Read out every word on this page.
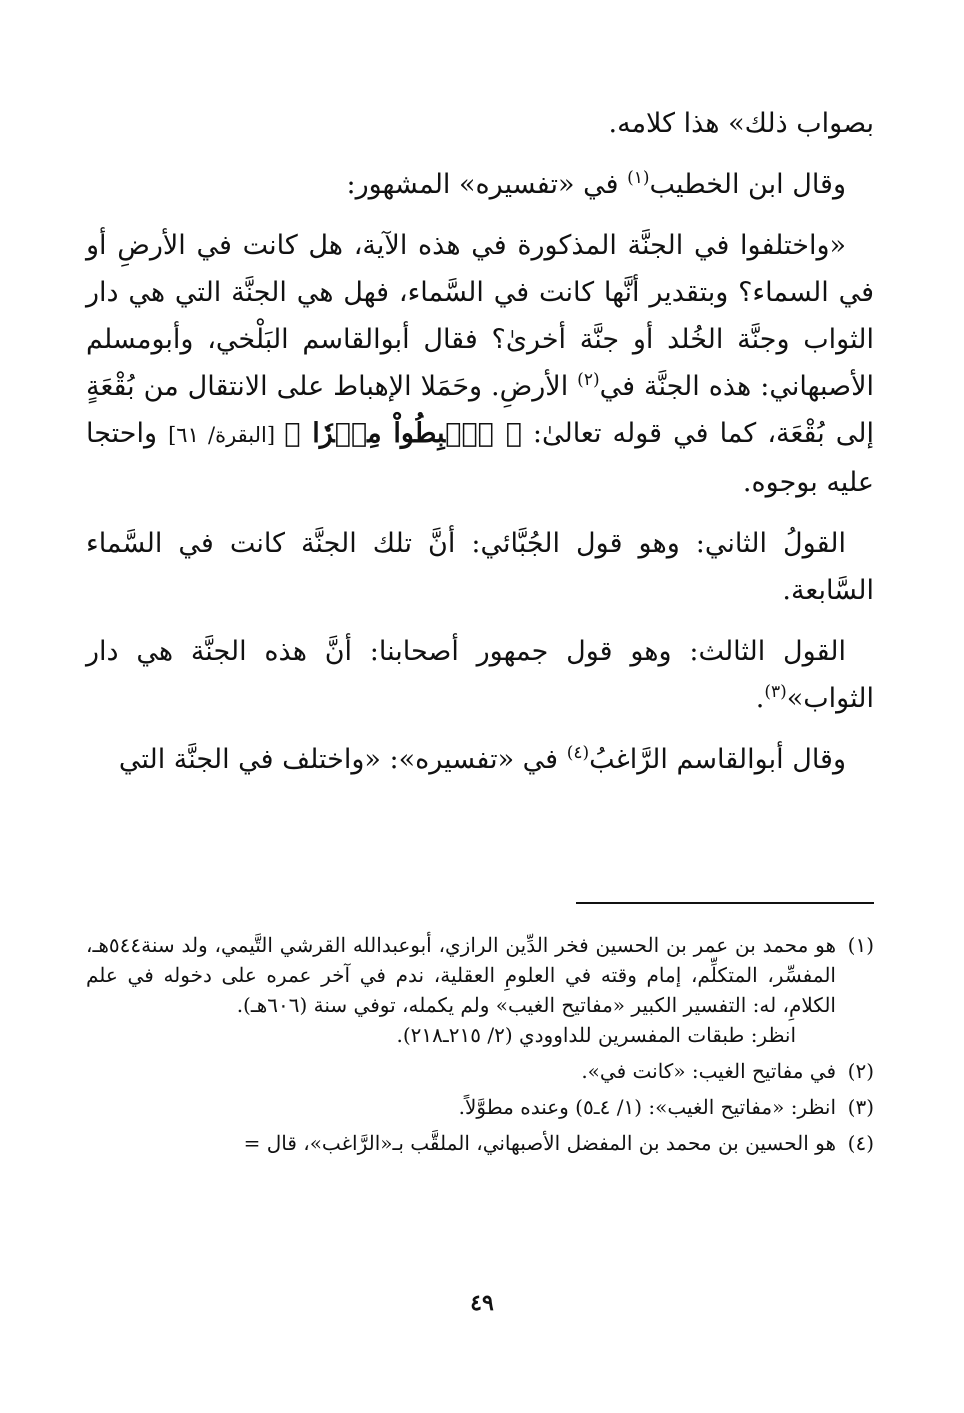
بصواب ذلك» هذا كلامه.

وقال ابن الخطيب$^{(١)}$ في «تفسيره» المشهور:

«واختلفوا في الجنَّة المذكورة في هذه الآية، هل كانت في الأرضِ أو في السماء؟ وبتقدير أنَّها كانت في السَّماء، فهل هي الجنَّة التي هي دار الثواب وجنَّة الخُلد أو جنَّة أخرىٰ؟ فقال أبوالقاسم البَلْخي، وأبومسلم الأصبهاني: هذه الجنَّة في$^{(٢)}$ الأرضِ. وحَمَلا الإهباط على الانتقال من بُقْعَةٍ إلى بُقْعَة، كما في قوله تعالىٰ: ﴿ ٱهۡبِطُواْ مِصۡرٗا ﴾ [البقرة/ ٦١] واحتجا عليه بوجوه.

القولُ الثاني: وهو قول الجُبَّائي: أنَّ تلك الجنَّة كانت في السَّماء السَّابعة.

القول الثالث: وهو قول جمهور أصحابنا: أنَّ هذه الجنَّة هي دار الثواب»$^{(٣)}$.

وقال أبوالقاسم الرَّاغبُ$^{(٤)}$ في «تفسيره»: «واختلف في الجنَّة التي

(١)
هو محمد بن عمر بن الحسين فخر الدِّين الرازي، أبوعبدالله القرشي التَّيمي، ولد سنة٥٤٤هـ، المفسِّر، المتكلِّم، إمام وقته في العلومِ العقلية، ندم في آخر عمره على دخوله في علم الكلامِ، له: التفسير الكبير «مفاتيح الغيب» ولم يكمله، توفي سنة (٦٠٦هـ).
انظر: طبقات المفسرين للداوودي (٢/ ٢١٥ـ٢١٨).
(٢)
في مفاتيح الغيب: «كانت في».
(٣)
انظر: «مفاتيح الغيب»: (١/ ٤ـ٥) وعنده مطوَّلاً.
(٤)
هو الحسين بن محمد بن المفضل الأصبهاني، الملقَّب بـ«الرَّاغب»، قال =
٤٩
